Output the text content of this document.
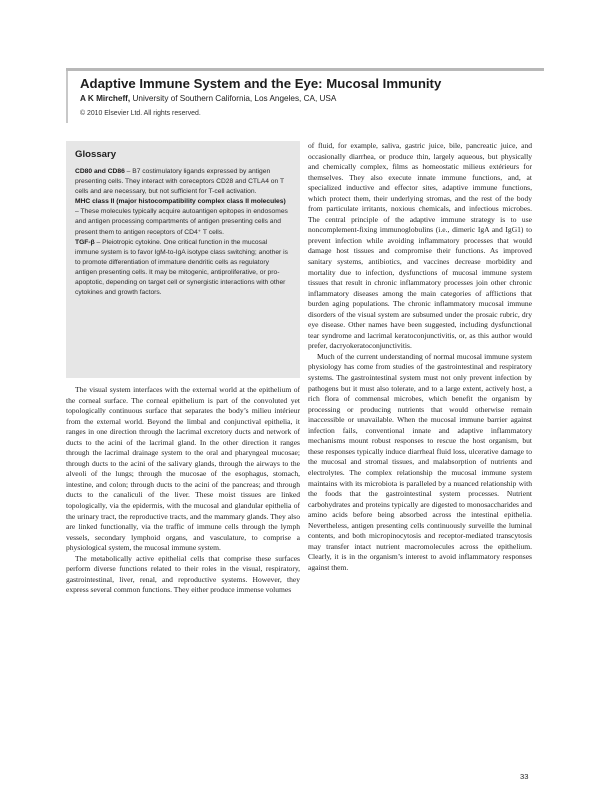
Adaptive Immune System and the Eye: Mucosal Immunity
A K Mircheff, University of Southern California, Los Angeles, CA, USA
© 2010 Elsevier Ltd. All rights reserved.
Glossary
CD80 and CD86 – B7 costimulatory ligands expressed by antigen presenting cells. They interact with coreceptors CD28 and CTLA4 on T cells and are necessary, but not sufficient for T-cell activation.
MHC class II (major histocompatibility complex class II molecules) – These molecules typically acquire autoantigen epitopes in endosomes and antigen processing compartments of antigen presenting cells and present them to antigen receptors of CD4⁺ T cells.
TGF-β – Pleiotropic cytokine. One critical function in the mucosal immune system is to favor IgM-to-IgA isotype class switching; another is to promote differentiation of immature dendritic cells as regulatory antigen presenting cells. It may be mitogenic, antiproliferative, or pro-apoptotic, depending on target cell or synergistic interactions with other cytokines and growth factors.

The visual system interfaces with the external world at the epithelium of the corneal surface. The corneal epithelium is part of the convoluted yet topologically continuous surface that separates the body’s milieu intérieur from the external world. Beyond the limbal and conjunctival epithelia, it ranges in one direction through the lacrimal excretory ducts and network of ducts to the acini of the lacrimal gland. In the other direction it ranges through the lacrimal drainage system to the oral and pharyngeal mucosae; through ducts to the acini of the salivary glands, through the airways to the alveoli of the lungs; through the mucosae of the esophagus, stomach, intestine, and colon; through ducts to the acini of the pancreas; and through ducts to the canaliculi of the liver. These moist tissues are linked topologically, via the epidermis, with the mucosal and glandular epithelia of the urinary tract, the reproductive tracts, and the mammary glands. They also are linked functionally, via the traffic of immune cells through the lymph vessels, secondary lymphoid organs, and vasculature, to comprise a physiological system, the mucosal immune system.

The metabolically active epithelial cells that comprise these surfaces perform diverse functions related to their roles in the visual, respiratory, gastrointestinal, liver, renal, and reproductive systems. However, they express several common functions. They either produce immense volumes

of fluid, for example, saliva, gastric juice, bile, pancreatic juice, and occasionally diarrhea, or produce thin, largely aqueous, but physically and chemically complex, films as homeostatic milieus extérieurs for themselves. They also execute innate immune functions, and, at specialized inductive and effector sites, adaptive immune functions, which protect them, their underlying stromas, and the rest of the body from particulate irritants, noxious chemicals, and infectious microbes. The central principle of the adaptive immune strategy is to use noncomplement-fixing immunoglobulins (i.e., dimeric IgA and IgG1) to prevent infection while avoiding inflammatory processes that would damage host tissues and compromise their functions. As improved sanitary systems, antibiotics, and vaccines decrease morbidity and mortality due to infection, dysfunctions of mucosal immune system tissues that result in chronic inflammatory processes join other chronic inflammatory diseases among the main categories of afflictions that burden aging populations. The chronic inflammatory mucosal immune disorders of the visual system are subsumed under the prosaic rubric, dry eye disease. Other names have been suggested, including dysfunctional tear syndrome and lacrimal keratoconjunctivitis, or, as this author would prefer, dacryokeratoconjunctivitis.

Much of the current understanding of normal mucosal immune system physiology has come from studies of the gastrointestinal and respiratory systems. The gastrointestinal system must not only prevent infection by pathogens but it must also tolerate, and to a large extent, actively host, a rich flora of commensal microbes, which benefit the organism by processing or producing nutrients that would otherwise remain inaccessible or unavailable. When the mucosal immune barrier against infection fails, conventional innate and adaptive inflammatory mechanisms mount robust responses to rescue the host organism, but these responses typically induce diarrheal fluid loss, ulcerative damage to the mucosal and stromal tissues, and malabsorption of nutrients and electrolytes. The complex relationship the mucosal immune system maintains with its microbiota is paralleled by a nuanced relationship with the foods that the gastrointestinal system processes. Nutrient carbohydrates and proteins typically are digested to monosaccharides and amino acids before being absorbed across the intestinal epithelia. Nevertheless, antigen presenting cells continuously surveille the luminal contents, and both micropinocytosis and receptor-mediated transcytosis may transfer intact nutrient macromolecules across the epithelium. Clearly, it is in the organism’s interest to avoid inflammatory responses against them.

33
